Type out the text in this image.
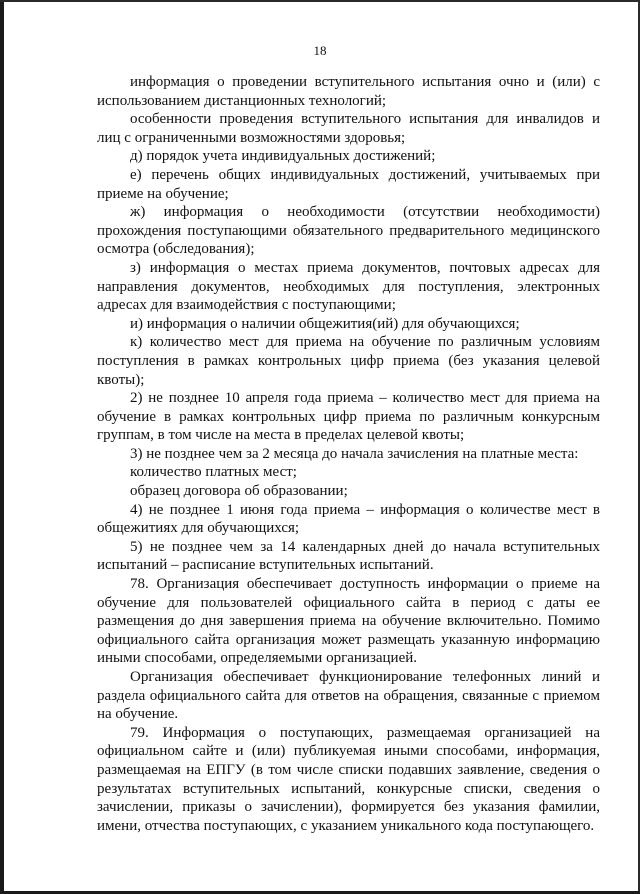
18

информация о проведении вступительного испытания очно и (или) с использованием дистанционных технологий;

особенности проведения вступительного испытания для инвалидов и лиц с ограниченными возможностями здоровья;

д) порядок учета индивидуальных достижений;

е) перечень общих индивидуальных достижений, учитываемых при приеме на обучение;

ж) информация о необходимости (отсутствии необходимости) прохождения поступающими обязательного предварительного медицинского осмотра (обследования);

з) информация о местах приема документов, почтовых адресах для направления документов, необходимых для поступления, электронных адресах для взаимодействия с поступающими;

и) информация о наличии общежития(ий) для обучающихся;

к) количество мест для приема на обучение по различным условиям поступления в рамках контрольных цифр приема (без указания целевой квоты);

2) не позднее 10 апреля года приема – количество мест для приема на обучение в рамках контрольных цифр приема по различным конкурсным группам, в том числе на места в пределах целевой квоты;

3) не позднее чем за 2 месяца до начала зачисления на платные места:

количество платных мест;

образец договора об образовании;

4) не позднее 1 июня года приема – информация о количестве мест в общежитиях для обучающихся;

5) не позднее чем за 14 календарных дней до начала вступительных испытаний – расписание вступительных испытаний.

78. Организация обеспечивает доступность информации о приеме на обучение для пользователей официального сайта в период с даты ее размещения до дня завершения приема на обучение включительно. Помимо официального сайта организация может размещать указанную информацию иными способами, определяемыми организацией.

Организация обеспечивает функционирование телефонных линий и раздела официального сайта для ответов на обращения, связанные с приемом на обучение.

79. Информация о поступающих, размещаемая организацией на официальном сайте и (или) публикуемая иными способами, информация, размещаемая на ЕПГУ (в том числе списки подавших заявление, сведения о результатах вступительных испытаний, конкурсные списки, сведения о зачислении, приказы о зачислении), формируется без указания фамилии, имени, отчества поступающих, с указанием уникального кода поступающего.
